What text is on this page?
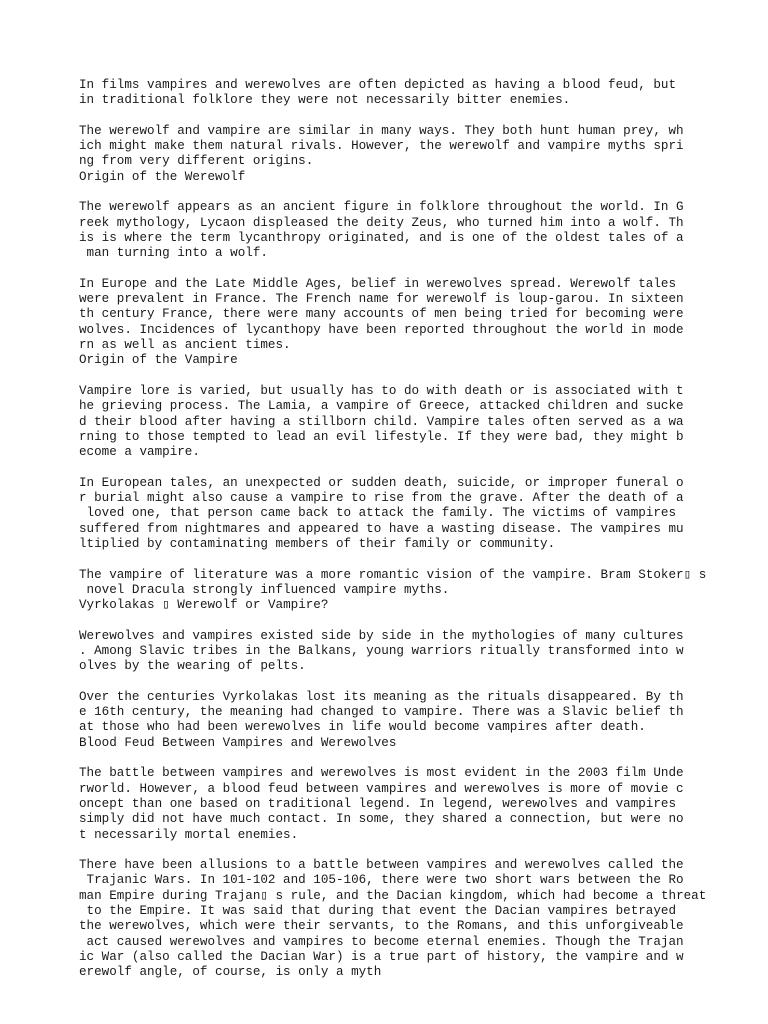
In films vampires and werewolves are often depicted as having a blood feud, but
in traditional folklore they were not necessarily bitter enemies.
The werewolf and vampire are similar in many ways. They both hunt human prey, wh
ich might make them natural rivals. However, the werewolf and vampire myths spri
ng from very different origins.
Origin of the Werewolf
The werewolf appears as an ancient figure in folklore throughout the world. In G
reek mythology, Lycaon displeased the deity Zeus, who turned him into a wolf. Th
is is where the term lycanthropy originated, and is one of the oldest tales of a
man turning into a wolf.
In Europe and the Late Middle Ages, belief in werewolves spread. Werewolf tales
were prevalent in France. The French name for werewolf is loup-garou. In sixteen
th century France, there were many accounts of men being tried for becoming were
wolves. Incidences of lycanthopy have been reported throughout the world in mode
rn as well as ancient times.
Origin of the Vampire
Vampire lore is varied, but usually has to do with death or is associated with t
he grieving process. The Lamia, a vampire of Greece, attacked children and sucke
d their blood after having a stillborn child. Vampire tales often served as a wa
rning to those tempted to lead an evil lifestyle. If they were bad, they might b
ecome a vampire.
In European tales, an unexpected or sudden death, suicide, or improper funeral o
r burial might also cause a vampire to rise from the grave. After the death of a
loved one, that person came back to attack the family. The victims of vampires
suffered from nightmares and appeared to have a wasting disease. The vampires mu
ltiplied by contaminating members of their family or community.
The vampire of literature was a more romantic vision of the vampire. Bram Stoker▯ s
novel Dracula strongly influenced vampire myths.
Vyrkolakas ▯ Werewolf or Vampire?
Werewolves and vampires existed side by side in the mythologies of many cultures
. Among Slavic tribes in the Balkans, young warriors ritually transformed into w
olves by the wearing of pelts.
Over the centuries Vyrkolakas lost its meaning as the rituals disappeared. By th
e 16th century, the meaning had changed to vampire. There was a Slavic belief th
at those who had been werewolves in life would become vampires after death.
Blood Feud Between Vampires and Werewolves
The battle between vampires and werewolves is most evident in the 2003 film Unde
rworld. However, a blood feud between vampires and werewolves is more of movie c
oncept than one based on traditional legend. In legend, werewolves and vampires
simply did not have much contact. In some, they shared a connection, but were no
t necessarily mortal enemies.
There have been allusions to a battle between vampires and werewolves called the
Trajanic Wars. In 101-102 and 105-106, there were two short wars between the Ro
man Empire during Trajan▯ s rule, and the Dacian kingdom, which had become a threat
to the Empire. It was said that during that event the Dacian vampires betrayed
the werewolves, which were their servants, to the Romans, and this unforgiveable
act caused werewolves and vampires to become eternal enemies. Though the Trajan
ic War (also called the Dacian War) is a true part of history, the vampire and w
erewolf angle, of course, is only a myth
